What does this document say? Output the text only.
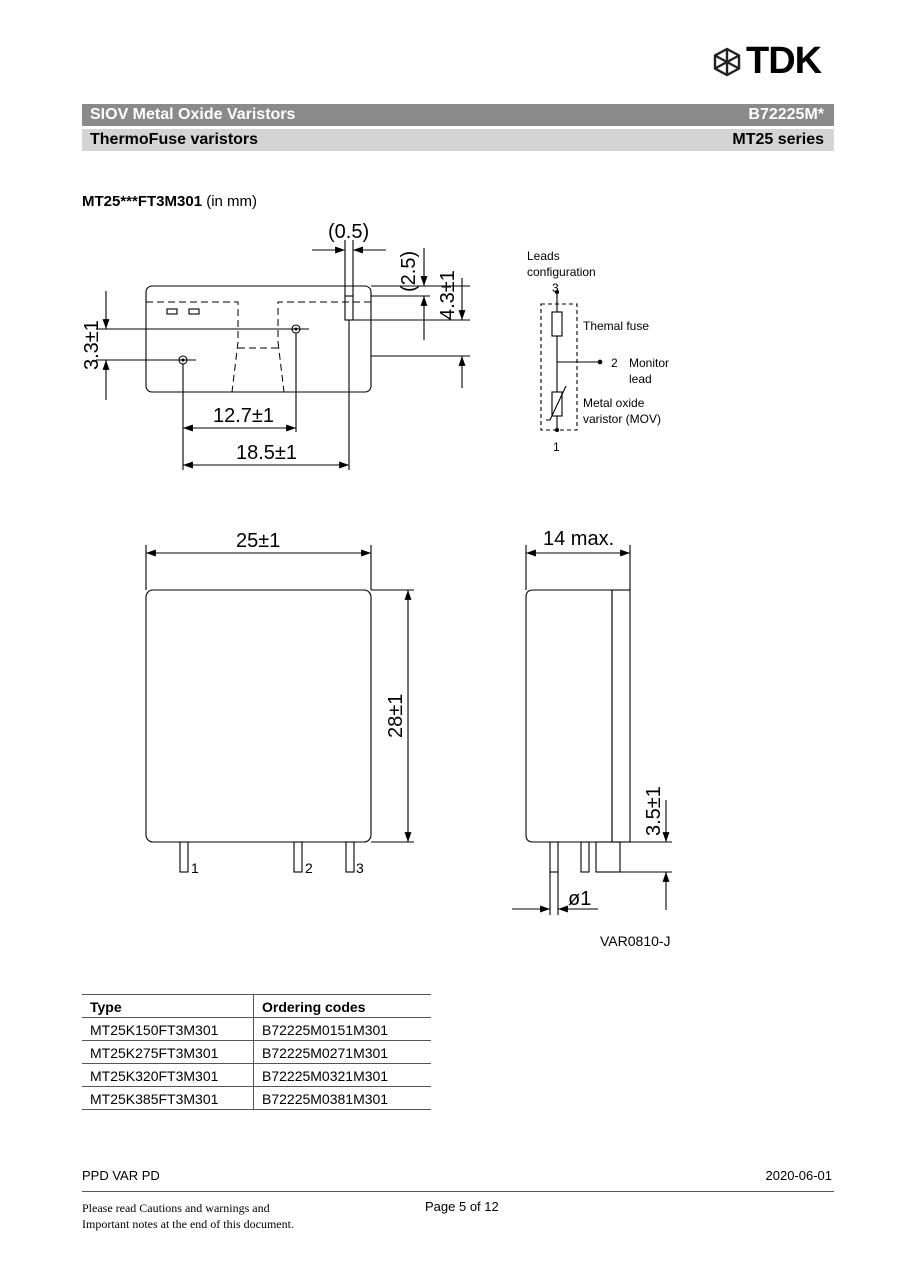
TDK
SIOV Metal Oxide Varistors	B72225M*
ThermoFuse varistors	MT25 series
MT25***FT3M301 (in mm)
(0.5)
12.7±1
18.5±1
25±1	14 max.
ø1
3.3±1
(2.5) 4.3±1
28±1
3.5±1
1	2	3
VAR0810-J
Leads
configuration
3
Themal fuse
2 Monitor
lead
Metal oxide
varistor (MOV)
1
Type	Ordering codes
MT25K150FT3M301	B72225M0151M301
MT25K275FT3M301	B72225M0271M301
MT25K320FT3M301	B72225M0321M301
MT25K385FT3M301	B72225M0381M301
PPD VAR PD	2020-06-01
Please read Cautions and warnings and
Important notes at the end of this document.
Page 5 of 12
